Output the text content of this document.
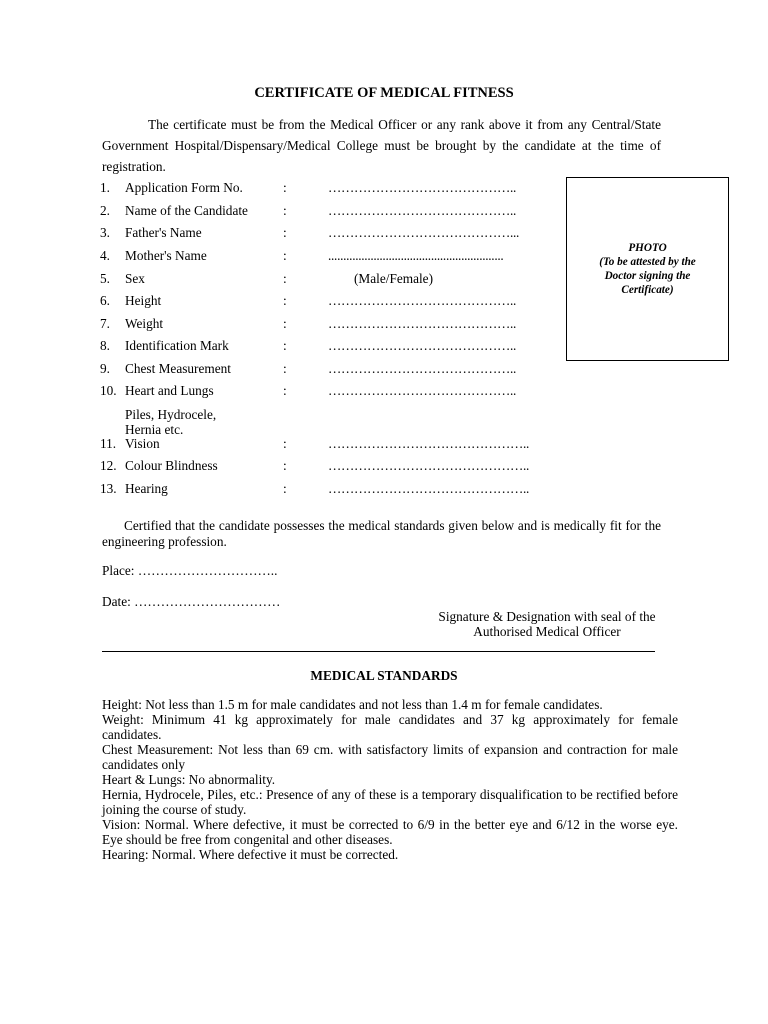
CERTIFICATE OF MEDICAL FITNESS

The certificate must be from the Medical Officer or any rank above it from any Central/State Government Hospital/Dispensary/Medical College must be brought by the candidate at the time of registration.

1.	Application Form No.	:	……………………………………..
2.	Name of the Candidate	:	……………………………………..
3.	Father's Name	:	……………………………………...
4.	Mother's Name	:	..........................................................
5.	Sex	:	(Male/Female)
6.	Height	:	……………………………………..
7.	Weight	:	……………………………………..
8.	Identification Mark	:	……………………………………..
9.	Chest Measurement	:	……………………………………..
10. Heart and Lungs	:	……………………………………..
Piles, Hydrocele,
Hernia etc.
11. Vision	:	………………………………………..
12. Colour Blindness	:	………………………………………..
13. Hearing	:	………………………………………..
PHOTO
(To be attested by the
Doctor signing the
Certificate)

Certified that the candidate possesses the medical standards given below and is medically fit for the engineering profession.

Place: …………………………..
Date: ……………………………
Signature & Designation with seal of the
Authorised Medical Officer
MEDICAL STANDARDS

Height: Not less than 1.5 m for male candidates and not less than 1.4 m for female candidates.

Weight: Minimum 41 kg approximately for male candidates and 37 kg approximately for female candidates.

Chest Measurement: Not less than 69 cm. with satisfactory limits of expansion and contraction for male candidates only

Heart & Lungs: No abnormality.

Hernia, Hydrocele, Piles, etc.: Presence of any of these is a temporary disqualification to be rectified before joining the course of study.

Vision: Normal. Where defective, it must be corrected to 6/9 in the better eye and 6/12 in the worse eye. Eye should be free from congenital and other diseases.

Hearing: Normal. Where defective it must be corrected.
